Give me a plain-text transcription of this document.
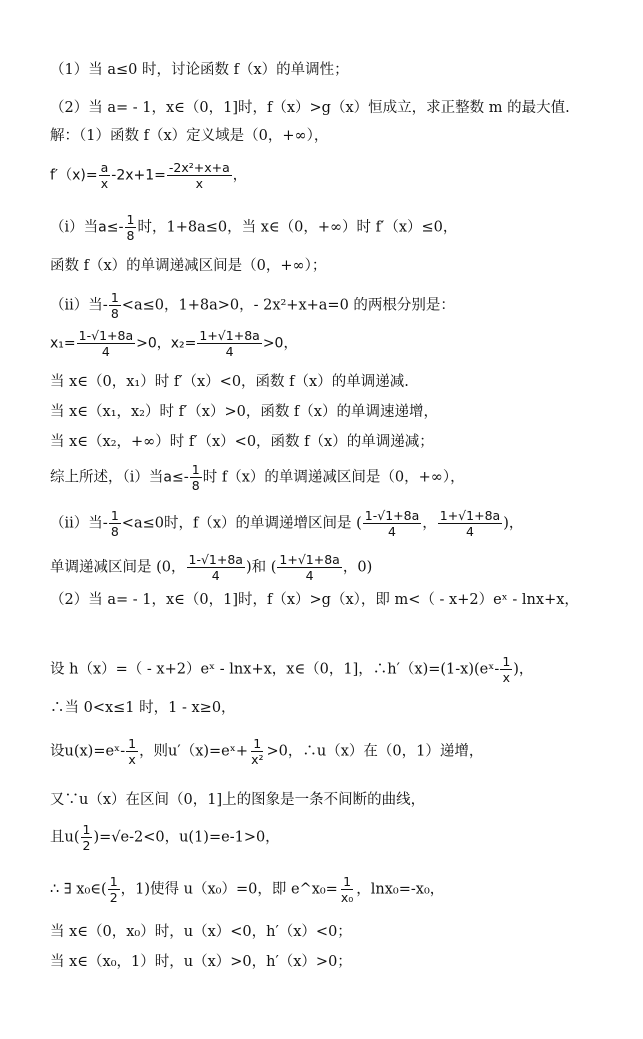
（1）当 a≤0 时，讨论函数 f（x）的单调性；
（2）当 a= - 1，x∈（0，1]时，f（x）>g（x）恒成立，求正整数 m 的最大值.
解：（1）函数 f（x）定义域是（0，+∞），
$f'(x)= \frac{a}{x} -2x+1= \frac{\text{-2x²+x+a}}{x}$ ，
（i）当$a\le- \frac{1}{8}$ 时，1+8a≤0，当 x∈（0，+∞）时 f′（x）≤0，
函数 f（x）的单调递减区间是（0，+∞）；
（ii）当- $\frac{1}{8} <a\le 0$，1+8a>0，- 2x²+x+a=0 的两根分别是：
$x_1= \frac{1-√1+8a}{4} >0$，$x_2= \frac{1+√1+8a}{4} >0$，
当 x∈（0，x₁）时 f′（x）<0，函数 f（x）的单调递减.
当 x∈（x₁，x₂）时 f′（x）>0，函数 f（x）的单调速递增，
当 x∈（x₂，+∞）时 f′（x）<0，函数 f（x）的单调递减；
综上所述，（i）当$a\le- \frac{1}{8}$ 时 f（x）的单调递减区间是（0，+∞），
（ii）当- $\frac{1}{8} <a\le 0$时，f（x）的单调递增区间是 ( $\frac{1-√1+8a}{4}$ ， $\frac{1+√1+8a}{4}$ )，
单调递减区间是 (0， $\frac{1-√1+8a}{4}$ )和 ( $\frac{1+√1+8a}{4}$ ，0)
（2）当 a= - 1，x∈（0，1]时，f（x）>g（x），即 m<（ - x+2）eˣ - lnx+x，
设 h（x）=（ - x+2）eˣ - lnx+x，x∈（0，1]，∴h′（x)=(1-x)(eˣ- $\frac{1}{x}$ )，
∴当 0<x≤1 时，1 - x≥0，
设u(x)=eˣ- $\frac{1}{x}$ ，则u′（x)=eˣ+ $\frac{1}{\text{x²}} >0$，∴u（x）在（0，1）递增，
又∵u（x）在区间（0，1]上的图象是一条不间断的曲线，
且$u( \frac{1}{2} )=√e-2<0$，u(1)=e-1>0，
∴ ∃ x₀∈( $\frac{1}{2}$ ，1)使得 u（x₀）=0，即 e^x₀= $\frac{1}{\text{x₀}}$ ，lnx₀=-x₀，
当 x∈（0，x₀）时，u（x）<0，h′（x）<0；
当 x∈（x₀，1）时，u（x）>0，h′（x）>0；
